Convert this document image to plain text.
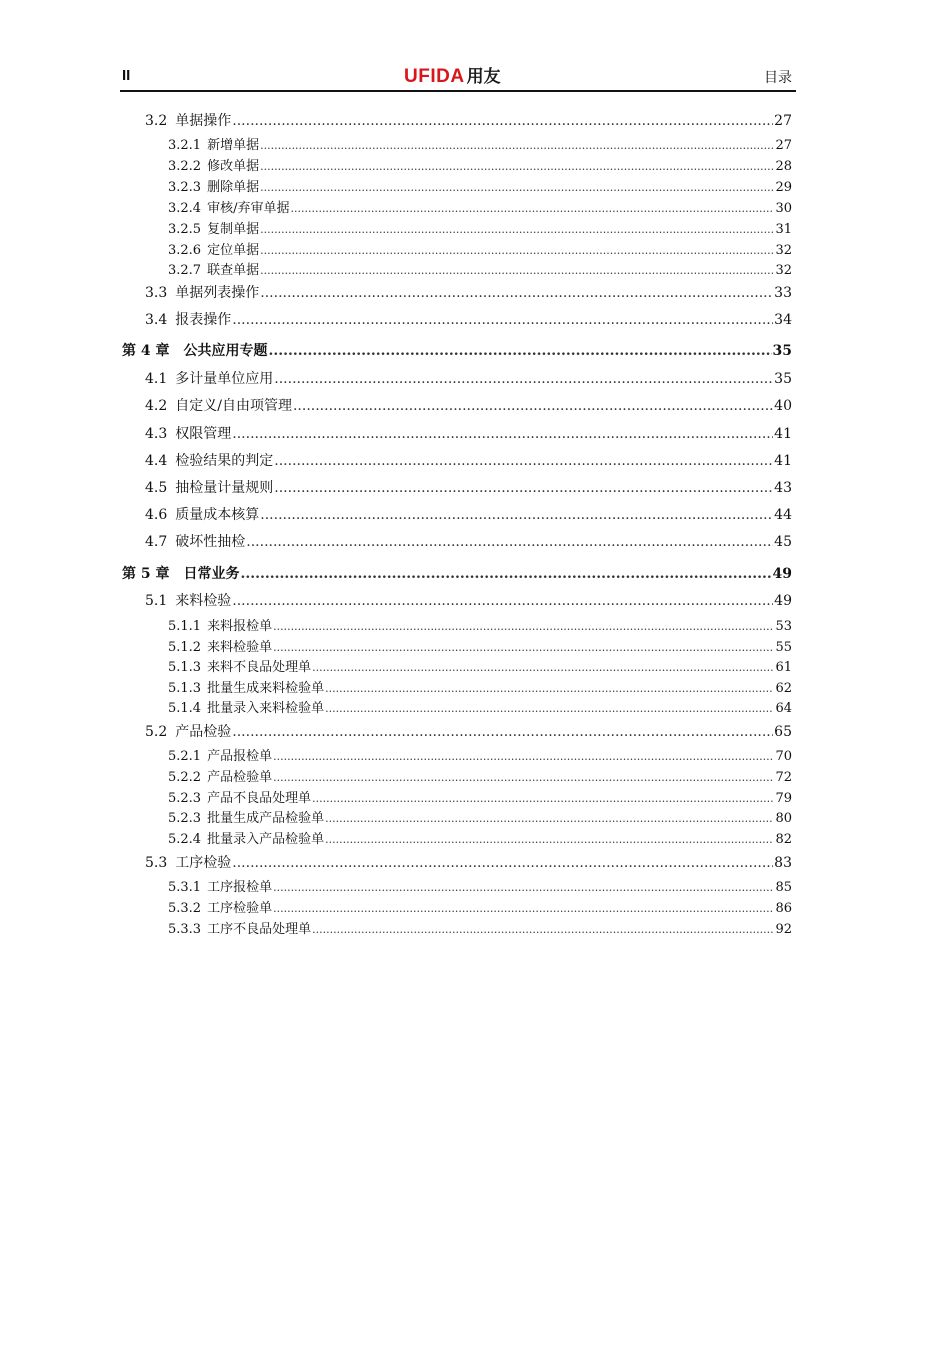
II	UFIDA 用友	目录
3.2 单据操作 .....	27
3.2.1 新增单据 .....	27
3.2.2 修改单据 .....	28
3.2.3 删除单据 .....	29
3.2.4 审核/弃审单据 .....	30
3.2.5 复制单据 .....	31
3.2.6 定位单据 .....	32
3.2.7 联查单据 .....	32
3.3 单据列表操作 .....	33
3.4 报表操作 .....	34
第 4 章 公共应用专题 .....	35
4.1 多计量单位应用 .....	35
4.2 自定义/自由项管理 .....	40
4.3 权限管理 .....	41
4.4 检验结果的判定 .....	41
4.5 抽检量计量规则 .....	43
4.6 质量成本核算 .....	44
4.7 破坏性抽检 .....	45
第 5 章 日常业务 .....	49
5.1 来料检验 .....	49
5.1.1 来料报检单 .....	53
5.1.2 来料检验单 .....	55
5.1.3 来料不良品处理单 .....	61
5.1.3 批量生成来料检验单 .....	62
5.1.4 批量录入来料检验单 .....	64
5.2 产品检验 .....	65
5.2.1 产品报检单 .....	70
5.2.2 产品检验单 .....	72
5.2.3 产品不良品处理单 .....	79
5.2.3 批量生成产品检验单 .....	80
5.2.4 批量录入产品检验单 .....	82
5.3 工序检验 .....	83
5.3.1 工序报检单 .....	85
5.3.2 工序检验单 .....	86
5.3.3 工序不良品处理单 .....	92
